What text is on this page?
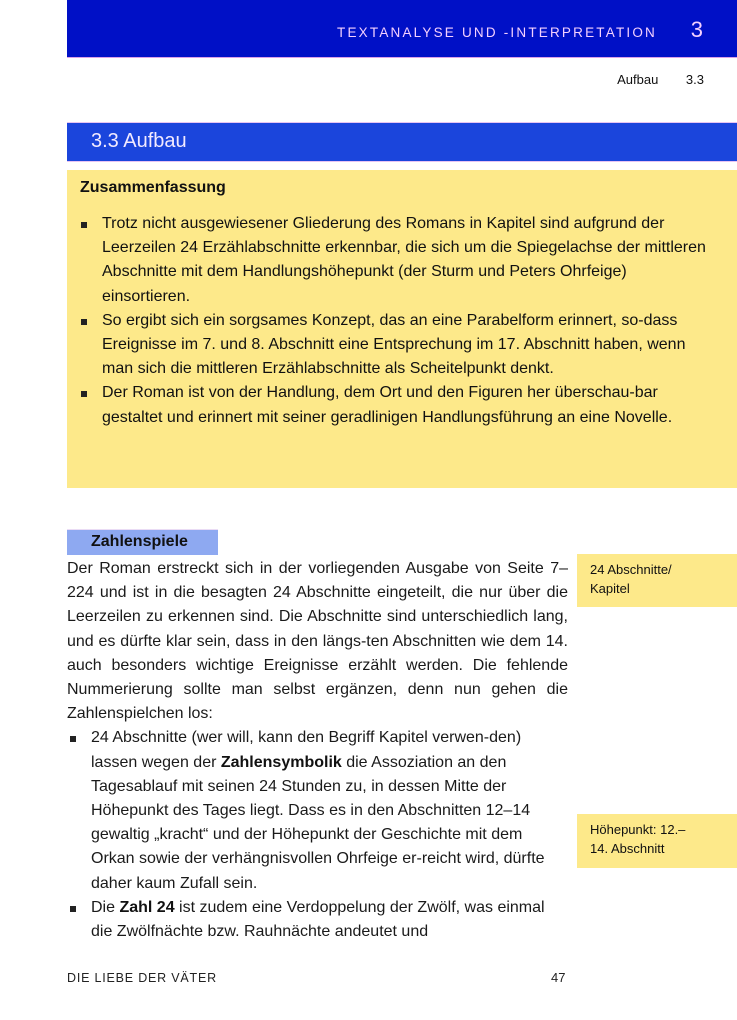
TEXTANALYSE UND -INTERPRETATION 3
Aufbau 3.3
3.3 Aufbau
Zusammenfassung
Trotz nicht ausgewiesener Gliederung des Romans in Kapitel sind aufgrund der Leerzeilen 24 Erzählabschnitte erkennbar, die sich um die Spiegelachse der mittleren Abschnitte mit dem Handlungshöhepunkt (der Sturm und Peters Ohrfeige) einsortieren.
So ergibt sich ein sorgsames Konzept, das an eine Parabelform erinnert, so-dass Ereignisse im 7. und 8. Abschnitt eine Entsprechung im 17. Abschnitt haben, wenn man sich die mittleren Erzählabschnitte als Scheitelpunkt denkt.
Der Roman ist von der Handlung, dem Ort und den Figuren her überschau-bar gestaltet und erinnert mit seiner geradlinigen Handlungsführung an eine Novelle.
Zahlenspiele

Der Roman erstreckt sich in der vorliegenden Ausgabe von Seite 7–224 und ist in die besagten 24 Abschnitte eingeteilt, die nur über die Leerzeilen zu erkennen sind. Die Abschnitte sind unterschiedlich lang, und es dürfte klar sein, dass in den längs-ten Abschnitten wie dem 14. auch besonders wichtige Ereignisse erzählt werden. Die fehlende Nummerierung sollte man selbst ergänzen, denn nun gehen die Zahlenspielchen los:

24 Abschnitte (wer will, kann den Begriff Kapitel verwen-den) lassen wegen der Zahlensymbolik die Assoziation an den Tagesablauf mit seinen 24 Stunden zu, in dessen Mitte der Höhepunkt des Tages liegt. Dass es in den Abschnitten 12–14 gewaltig „kracht“ und der Höhepunkt der Geschichte mit dem Orkan sowie der verhängnisvollen Ohrfeige er-reicht wird, dürfte daher kaum Zufall sein.
Die Zahl 24 ist zudem eine Verdoppelung der Zwölf, was einmal die Zwölfnächte bzw. Rauhnächte andeutet und
24 Abschnitte/
Kapitel
Höhepunkt: 12.–
14. Abschnitt
DIE LIEBE DER VÄTER	47
